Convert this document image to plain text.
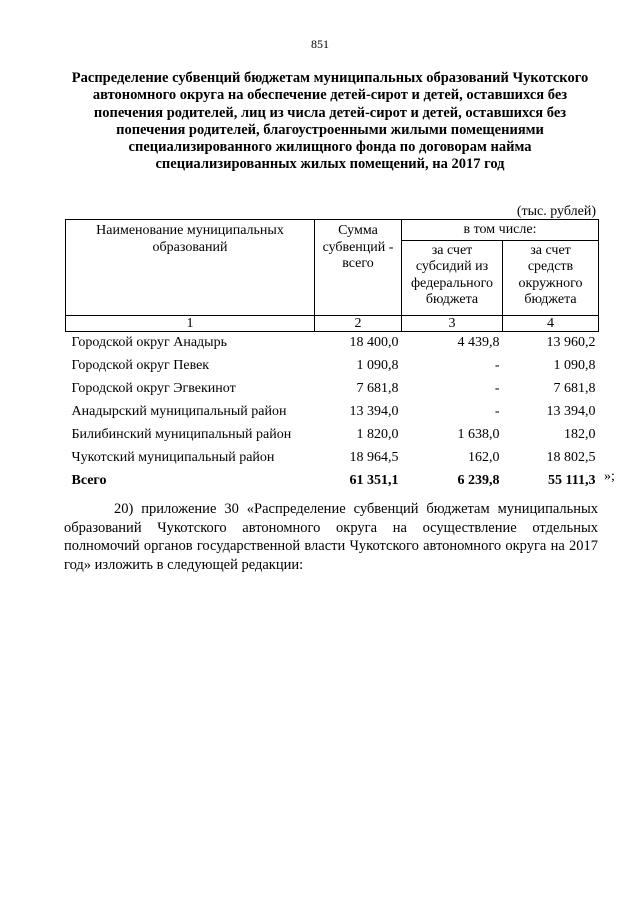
851
Распределение субвенций бюджетам муниципальных образований Чукотского автономного округа на обеспечение детей-сирот и детей, оставшихся без попечения родителей, лиц из числа детей-сирот и детей, оставшихся без попечения родителей, благоустроенными жилыми помещениями специализированного жилищного фонда по договорам найма специализированных жилых помещений, на 2017 год
(тыс. рублей)
Наименование муниципальных образований	Сумма субвенций - всего	в том числе:	
		за счет субсидий из федерального бюджета	за счет средств окружного бюджета
1	2	3	4
Городской округ Анадырь	18 400,0	4 439,8	13 960,2
Городской округ Певек	1 090,8	-	1 090,8
Городской округ Эгвекинот	7 681,8	-	7 681,8
Анадырский муниципальный район	13 394,0	-	13 394,0
Билибинский муниципальный район	1 820,0	1 638,0	182,0
Чукотский муниципальный район	18 964,5	162,0	18 802,5
Всего	61 351,1	6 239,8	55 111,3 »;

20) приложение 30 «Распределение субвенций бюджетам муниципальных образований Чукотского автономного округа на осуществление отдельных полномочий органов государственной власти Чукотского автономного округа на 2017 год» изложить в следующей редакции:
